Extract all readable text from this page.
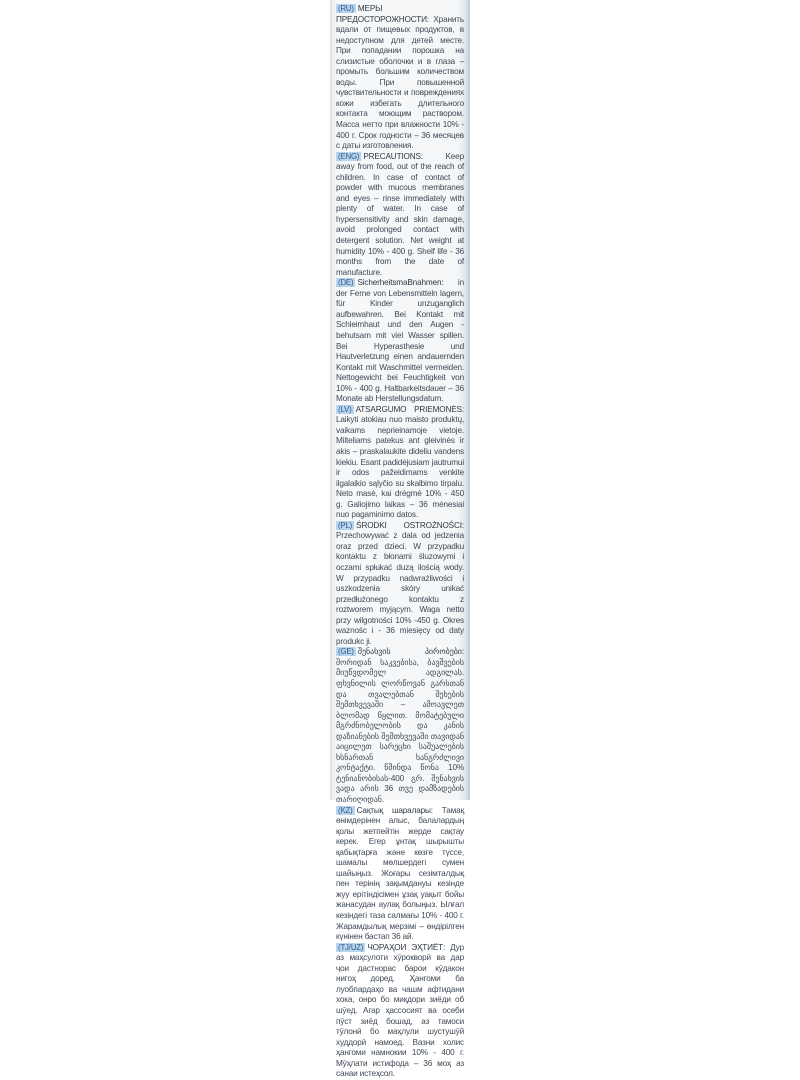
(RU) МЕРЫ ПРЕДОСТОРОЖНОСТИ: Хранить вдали от пищевых продуктов, в недоступном для детей месте. При попадании порошка на слизистые оболочки и в глаза – промыть большим количеством воды. При повышенной чувствительности и повреждениях кожи избегать длительного контакта моющим раствором. Масса нетто при влажности 10% - 400 г. Срок годности – 36 месяцев с даты изготовления.

(ENG) PRECAUTIONS:	Keep away from food, out of the reach of children. In case of contact of powder with mucous membranes and eyes – rinse immediately with plenty of water. In case of hypersensitivity and skin damage, avoid prolonged contact with detergent solution. Net weight at humidity 10% - 400 g. Shelf life - 36 months from the date of manufacture.

(DE) SicherheitsmaBnahmen: in der Ferne von Lebensmitteln lagern, für Kinder unzuganglich aufbewahren. Bei Kontakt mit Schleimhaut und den Augen - behutsam mit viel Wasser spillen. Bei Hyperasthesie und Hautverletzung einen andauernden Kontakt mit Waschmittel vermeiden. Nettogewicht bei Feuchtigkeit von 10% - 400 g. Haltbarkeitsdauer – 36 Monate ab Herstellungsdatum.

(LV) ATSARGUMO PRIEMONĖS: Laikyti atokiau nuo maisto produktų, vaikams neprieinamoje vietoje. Milteliams patekus ant gleivinės ir akis – praskalaukite dideliu vandens kiekiu. Esant padidėjusiam jautrumui ir odos pažeidimams venkite ilgalaikio sąlyčio su skalbimo tirpalu. Neto masė, kai drėgmė 10% - 450 g. Galiojimo laikas – 36 mėnesiai nuo pagaminimo datos.

(PL) ŚRODKI OSTROŻNOŚCI: Przechowywać z dala od jedzenia oraz przed dzieci. W przypadku kontaktu z błonami śluzowymi i oczami spłukać duzą ilością wody. W przypadku nadwrażliwości i uszkodzenia skóry unikać przedłużonego kontaktu z roztworem myjącym. Waga netto przy wilgotności 10% -450 g. Okres waznośc i - 36 miesięcy od daty produkc ji.

(GE) შენახვის პირობები: შორიდან საკვებისა, ბავშვების მიუწვდომელ ადგილას. ფხვნილის ლორწოვან გარსთან და თვალებთან შეხების შემთხვევაში – ამოავლეთ ბლომად წყლით. მომატებული მგრძნობელობის და კანის დაზიანების შემთხვევაში თავიდან აიცილეთ სარეცხი საშუალების ხსნართან ხანგრძლივი კონტაქტი. წმინდა წონა 10% ტენიანობისას-400 გრ. შენახვის ვადა არის 36 თვე დამზადების თარიღიდან.

(KZ) Сақтық шаралары: Тамақ өнімдерінен алыс, балалардың қолы жетпейтін жерде сақтау керек. Егер ұнтақ шырышты қабықтарға және көзге түссе, шамалы мөлшердегі сумен шайыңыз. Жоғары сезімталдық пен терінің зақымдануы кезінде жуу ерітіндісімен ұзақ уақыт бойы жанасудан аулақ болыңыз. Ылғал кезіндегі таза салмағы 10% - 400 г. Жарамдылық мерзімі – өндірілген күнінен бастап 36 ай.

(TJ/UZ) ЧОРАҲОИ ЭҲТИЁТ: Дур аз маҳсулоти хӯрокворӣ ва дар ҷои дастнорас барои кӯдакон нигоҳ доред. Ҳангоми ба луобпардаҳо ва чашм афтидани хока, онро бо миқдори зиёди об шӯед. Агар ҳассосият ва осеби пӯст зиёд бошад, аз тамоси тӯлонӣ бо маҳлули шустушӯй худдорӣ намоед. Вазни холис ҳангоми намнокии 10% - 400 г. Мӯҳлати истифода – 36 моҳ аз санаи истеҳсол.
